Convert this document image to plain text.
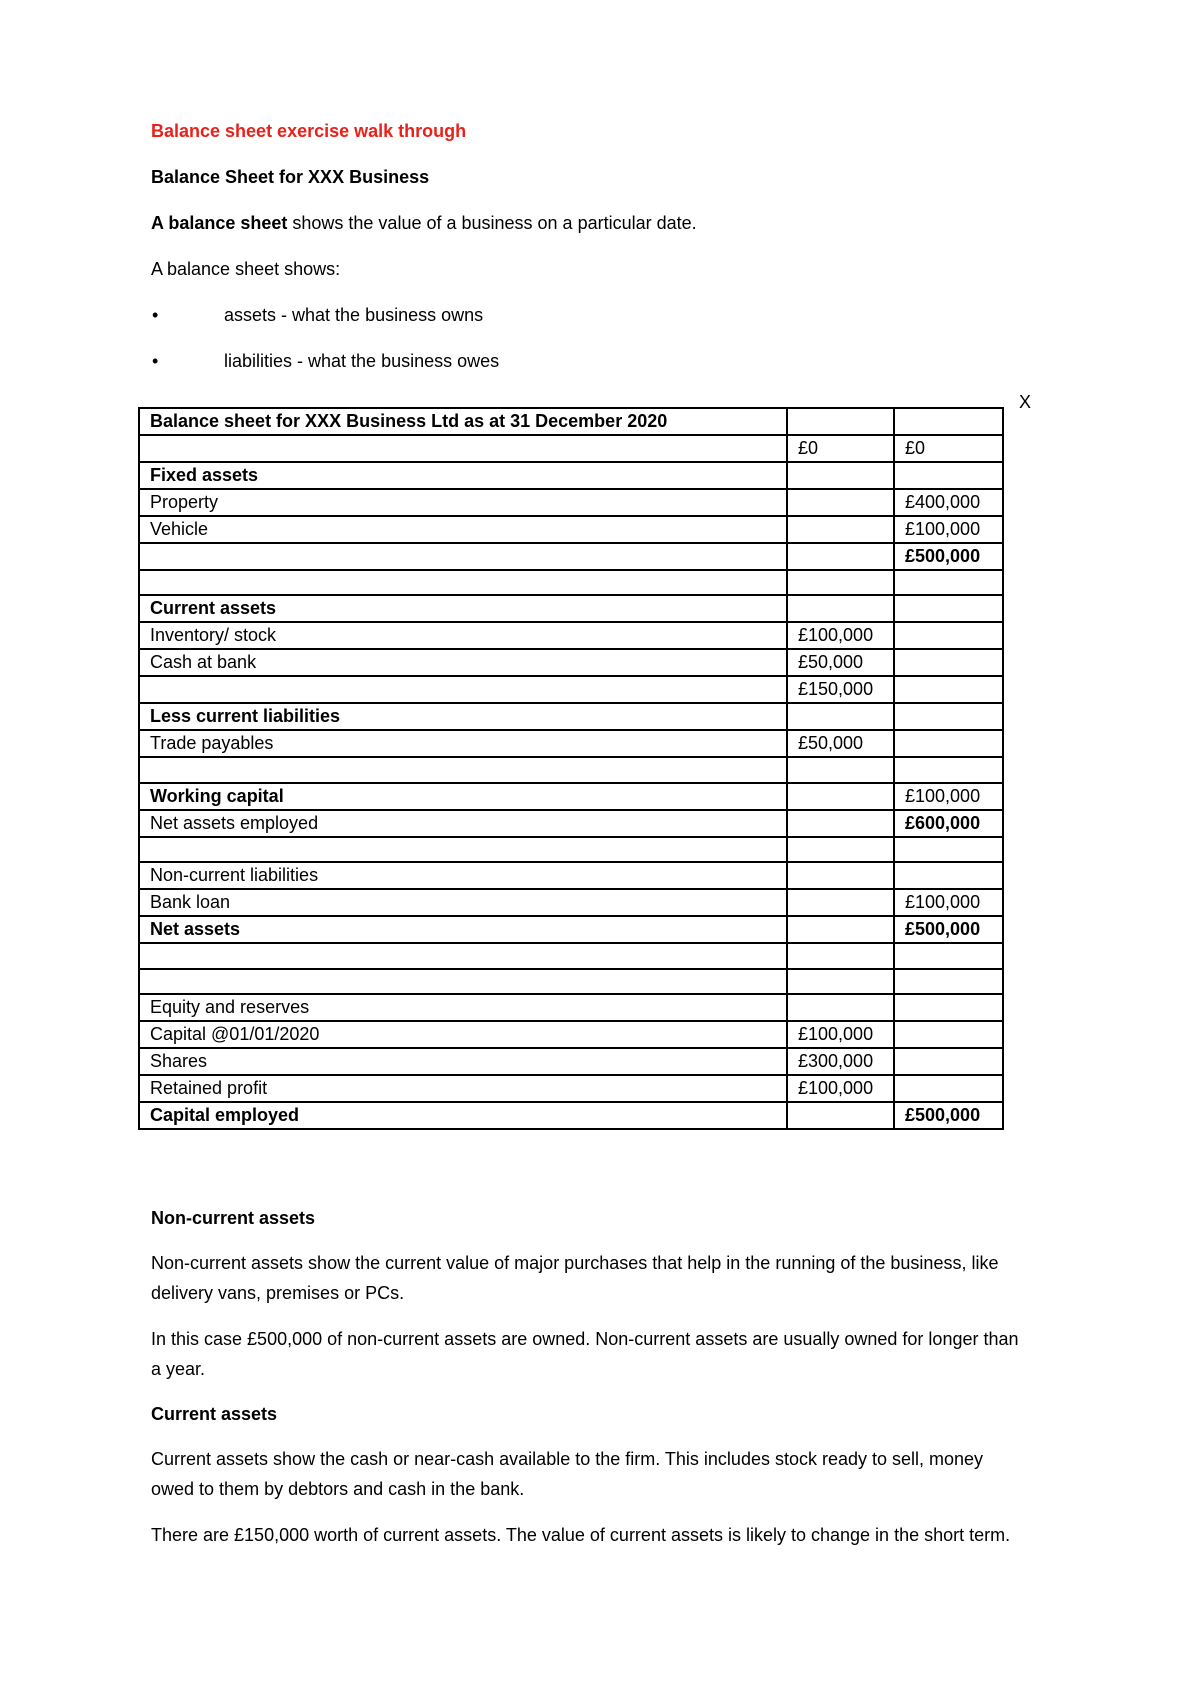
Balance sheet exercise walk through

Balance Sheet for XXX Business

A balance sheet shows the value of a business on a particular date.

A balance sheet shows:

•	assets - what the business owns
•	liabilities - what the business owes
X
Balance sheet for XXX Business Ltd as at 31 December 2020		
	£0	£0
Fixed assets		
Property		£400,000
Vehicle		£100,000
		£500,000

Current assets		
Inventory/ stock	£100,000	
Cash at bank	£50,000	
	£150,000	
Less current liabilities		
Trade payables	£50,000	

Working capital		£100,000
Net assets employed		£600,000

Non-current liabilities		
Bank loan		£100,000
Net assets		£500,000

Equity and reserves		
Capital @01/01/2020	£100,000	
Shares	£300,000	
Retained profit	£100,000	
Capital employed		£500,000

Non-current assets

Non-current assets show the current value of major purchases that help in the running of the business, like delivery vans, premises or PCs.

In this case £500,000 of non-current assets are owned. Non-current assets are usually owned for longer than a year.

Current assets

Current assets show the cash or near-cash available to the firm. This includes stock ready to sell, money owed to them by debtors and cash in the bank.

There are £150,000 worth of current assets. The value of current assets is likely to change in the short term.
